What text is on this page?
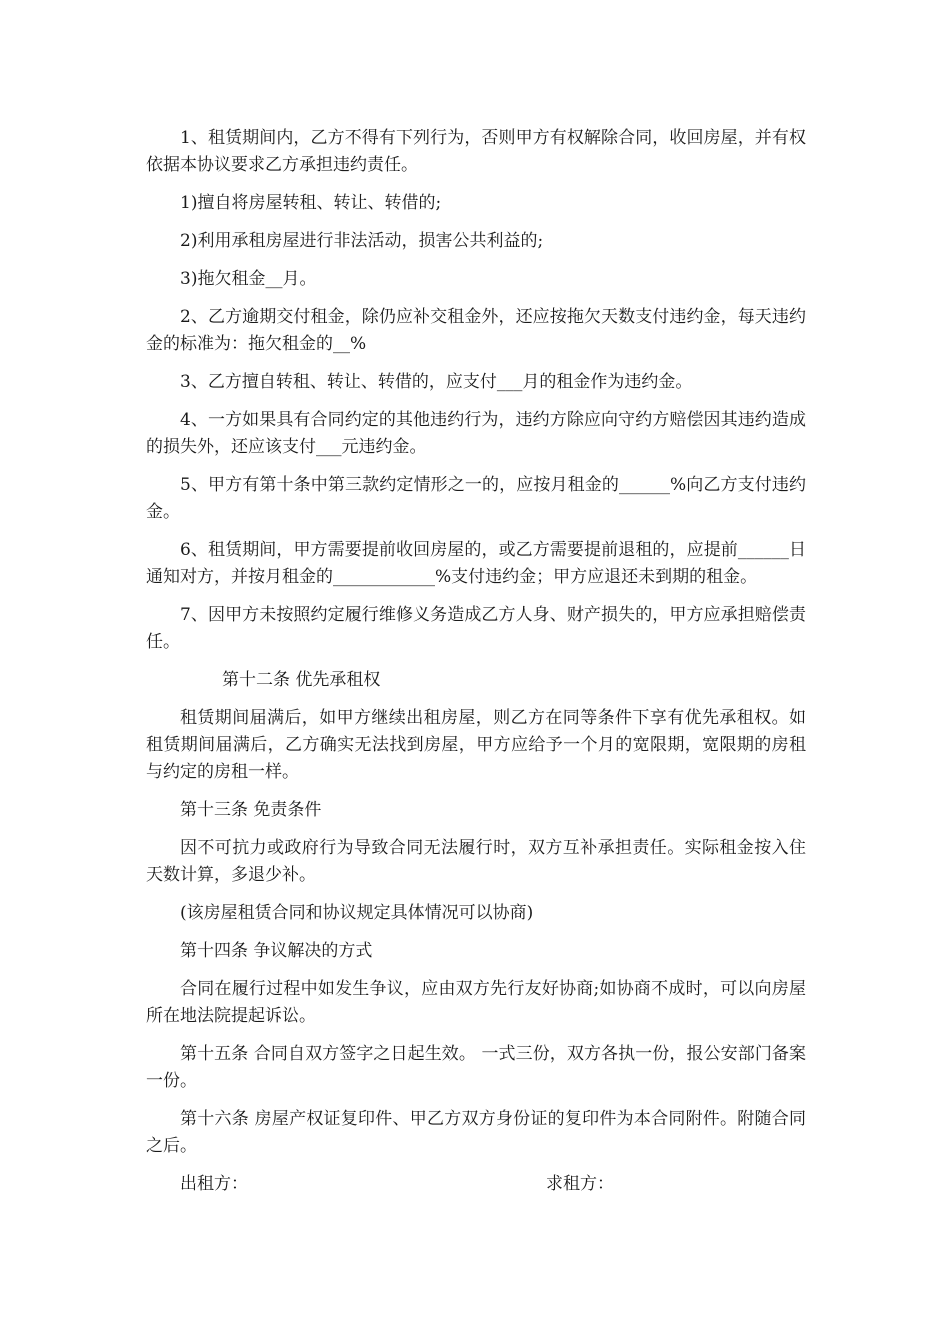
1、租赁期间内，乙方不得有下列行为，否则甲方有权解除合同，收回房屋，并有权依据本协议要求乙方承担违约责任。

1)擅自将房屋转租、转让、转借的;

2)利用承租房屋进行非法活动，损害公共利益的;

3)拖欠租金__月。

2、乙方逾期交付租金，除仍应补交租金外，还应按拖欠天数支付违约金，每天违约金的标准为：拖欠租金的__%

3、乙方擅自转租、转让、转借的，应支付___月的租金作为违约金。

4、一方如果具有合同约定的其他违约行为，违约方除应向守约方赔偿因其违约造成的损失外，还应该支付___元违约金。

5、甲方有第十条中第三款约定情形之一的，应按月租金的______%向乙方支付违约金。

6、租赁期间，甲方需要提前收回房屋的，或乙方需要提前退租的，应提前______日通知对方，并按月租金的____________%支付违约金；甲方应退还未到期的租金。

7、因甲方未按照约定履行维修义务造成乙方人身、财产损失的，甲方应承担赔偿责任。

第十二条 优先承租权

租赁期间届满后，如甲方继续出租房屋，则乙方在同等条件下享有优先承租权。如租赁期间届满后，乙方确实无法找到房屋，甲方应给予一个月的宽限期，宽限期的房租与约定的房租一样。

第十三条 免责条件

因不可抗力或政府行为导致合同无法履行时，双方互补承担责任。实际租金按入住天数计算，多退少补。

(该房屋租赁合同和协议规定具体情况可以协商)

第十四条 争议解决的方式

合同在履行过程中如发生争议，应由双方先行友好协商;如协商不成时，可以向房屋所在地法院提起诉讼。

第十五条 合同自双方签字之日起生效。 一式三份，双方各执一份，报公安部门备案一份。

第十六条 房屋产权证复印件、甲乙方双方身份证的复印件为本合同附件。附随合同之后。

出租方：	求租方：
